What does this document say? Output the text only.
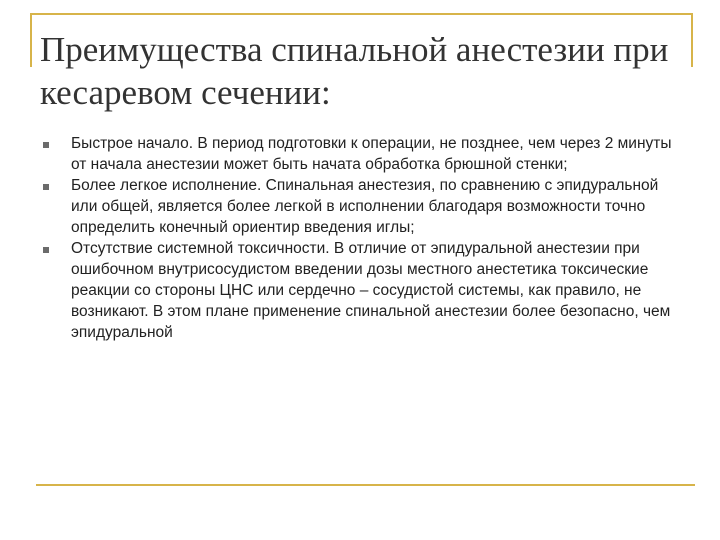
Преимущества спинальной анестезии при кесаревом сечении:
Быстрое начало. В период подготовки к операции, не позднее, чем через 2 минуты от начала анестезии может быть начата обработка брюшной стенки;
Более легкое исполнение. Спинальная анестезия, по сравнению с эпидуральной или общей, является более легкой в исполнении благодаря возможности точно определить конечный ориентир введения иглы;
Отсутствие системной токсичности. В отличие от эпидуральной анестезии при ошибочном внутрисосудистом введении дозы местного анестетика токсические реакции со стороны ЦНС или сердечно – сосудистой системы, как правило, не возникают. В этом плане применение спинальной анестезии более безопасно, чем эпидуральной
